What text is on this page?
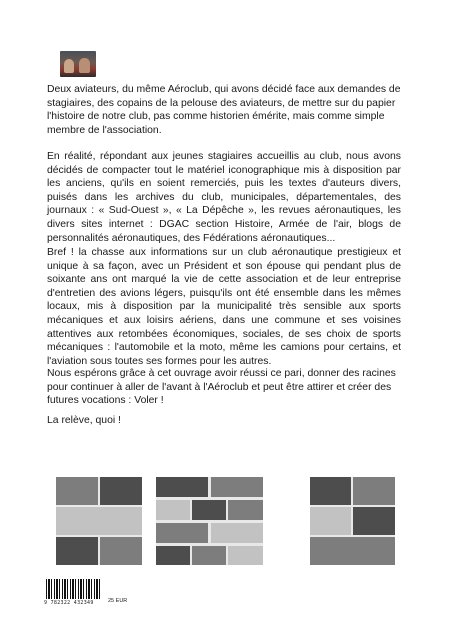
Deux aviateurs, du même Aéroclub, qui avons décidé face aux demandes de stagiaires, des copains de la pelouse des aviateurs, de mettre sur du papier l'histoire de notre club, pas comme historien émérite, mais comme simple membre de l'association.

En réalité, répondant aux jeunes stagiaires accueillis au club, nous avons décidés de compacter tout le matériel iconographique mis à disposition par les anciens, qu'ils en soient remerciés, puis les textes d'auteurs divers, puisés dans les archives du club, municipales, départementales, des journaux : « Sud-Ouest », « La Dépêche », les revues aéronautiques, les divers sites internet : DGAC section Histoire, Armée de l'air, blogs de personnalités aéronautiques, des Fédérations aéronautiques...

Bref ! la chasse aux informations sur un club aéronautique prestigieux et unique à sa façon, avec un Président et son épouse qui pendant plus de soixante ans ont marqué la vie de cette association et de leur entreprise d'entretien des avions légers, puisqu'ils ont été ensemble dans les mêmes locaux, mis à disposition par la municipalité très sensible aux sports mécaniques et aux loisirs aériens, dans une commune et ses voisines attentives aux retombées économiques, sociales, de ses choix de sports mécaniques : l'automobile et la moto, même les camions pour certains, et l'aviation sous toutes ses formes pour les autres.

Nous espérons grâce à cet ouvrage avoir réussi ce pari, donner des racines pour continuer à aller de l'avant à l'Aéroclub et peut être attirer et créer des futures vocations : Voler !

La relève, quoi !

9 782322 432349	25 EUR
